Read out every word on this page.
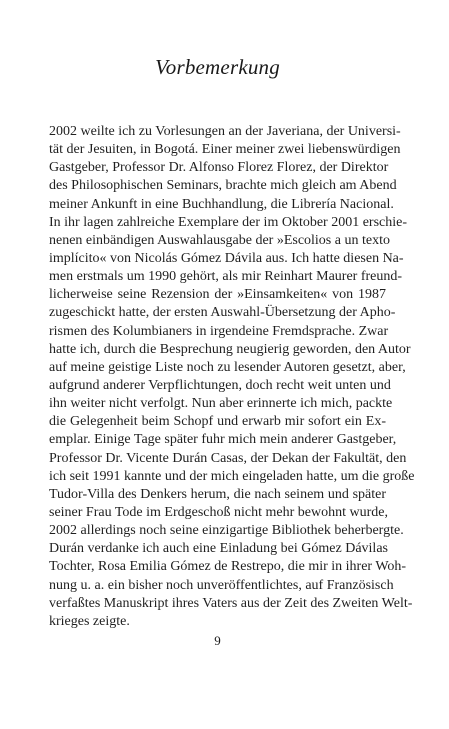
Vorbemerkung
2002 weilte ich zu Vorlesungen an der Javeriana, der Universi-
tät der Jesuiten, in Bogotá. Einer meiner zwei liebenswürdigen
Gastgeber, Professor Dr. Alfonso Florez Florez, der Direktor
des Philosophischen Seminars, brachte mich gleich am Abend
meiner Ankunft in eine Buchhandlung, die Librería Nacional.
In ihr lagen zahlreiche Exemplare der im Oktober 2001 erschie-
nenen einbändigen Auswahlausgabe der »Escolios a un texto
implícito« von Nicolás Gómez Dávila aus. Ich hatte diesen Na-
men erstmals um 1990 gehört, als mir Reinhart Maurer freund-
licherweise seine Rezension der »Einsamkeiten« von 1987
zugeschickt hatte, der ersten Auswahl-Übersetzung der Apho-
rismen des Kolumbianers in irgendeine Fremdsprache. Zwar
hatte ich, durch die Besprechung neugierig geworden, den Autor
auf meine geistige Liste noch zu lesender Autoren gesetzt, aber,
aufgrund anderer Verpflichtungen, doch recht weit unten und
ihn weiter nicht verfolgt. Nun aber erinnerte ich mich, packte
die Gelegenheit beim Schopf und erwarb mir sofort ein Ex-
emplar. Einige Tage später fuhr mich mein anderer Gastgeber,
Professor Dr. Vicente Durán Casas, der Dekan der Fakultät, den
ich seit 1991 kannte und der mich eingeladen hatte, um die große
Tudor-Villa des Denkers herum, die nach seinem und später
seiner Frau Tode im Erdgeschoß nicht mehr bewohnt wurde,
2002 allerdings noch seine einzigartige Bibliothek beherbergte.
Durán verdanke ich auch eine Einladung bei Gómez Dávilas
Tochter, Rosa Emilia Gómez de Restrepo, die mir in ihrer Woh-
nung u. a. ein bisher noch unveröffentlichtes, auf Französisch
verfaßtes Manuskript ihres Vaters aus der Zeit des Zweiten Welt-
krieges zeigte.
9
